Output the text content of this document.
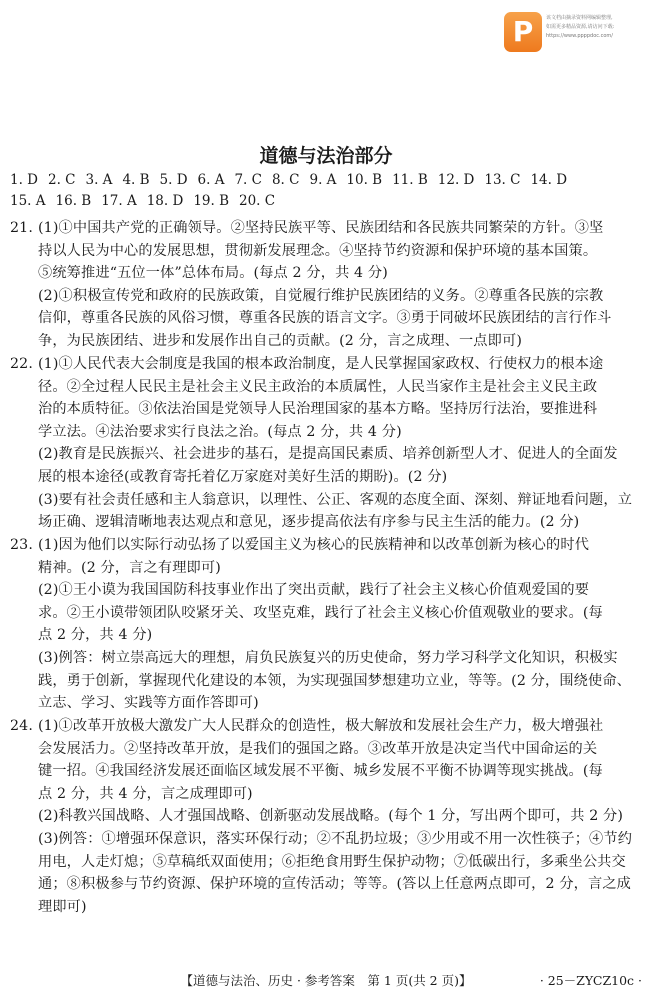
P	该文档由摘录资料网编辑整理,
如需更多精品资源,请访问下载:
https://www.ppppdoc.com/
道德与法治部分
1. D 2. C 3. A 4. B 5. D 6. A 7. C 8. C 9. A 10. B 11. B 12. D 13. C 14. D
15. A 16. B 17. A 18. D 19. B 20. C
21. (1)①中国共产党的正确领导。②坚持民族平等、民族团结和各民族共同繁荣的方针。③坚
持以人民为中心的发展思想，贯彻新发展理念。④坚持节约资源和保护环境的基本国策。
⑤统筹推进“五位一体”总体布局。(每点 2 分，共 4 分)
(2)①积极宣传党和政府的民族政策，自觉履行维护民族团结的义务。②尊重各民族的宗教
信仰，尊重各民族的风俗习惯，尊重各民族的语言文字。③勇于同破坏民族团结的言行作斗
争，为民族团结、进步和发展作出自己的贡献。(2 分，言之成理、一点即可)
22. (1)①人民代表大会制度是我国的根本政治制度，是人民掌握国家政权、行使权力的根本途
径。②全过程人民民主是社会主义民主政治的本质属性，人民当家作主是社会主义民主政
治的本质特征。③依法治国是党领导人民治理国家的基本方略。坚持厉行法治，要推进科
学立法。④法治要求实行良法之治。(每点 2 分，共 4 分)
(2)教育是民族振兴、社会进步的基石，是提高国民素质、培养创新型人才、促进人的全面发
展的根本途径(或教育寄托着亿万家庭对美好生活的期盼)。(2 分)
(3)要有社会责任感和主人翁意识，以理性、公正、客观的态度全面、深刻、辩证地看问题，立
场正确、逻辑清晰地表达观点和意见，逐步提高依法有序参与民主生活的能力。(2 分)
23. (1)因为他们以实际行动弘扬了以爱国主义为核心的民族精神和以改革创新为核心的时代
精神。(2 分，言之有理即可)
(2)①王小谟为我国国防科技事业作出了突出贡献，践行了社会主义核心价值观爱国的要
求。②王小谟带领团队咬紧牙关、攻坚克难，践行了社会主义核心价值观敬业的要求。(每
点 2 分，共 4 分)
(3)例答：树立崇高远大的理想，肩负民族复兴的历史使命，努力学习科学文化知识，积极实
践，勇于创新，掌握现代化建设的本领，为实现强国梦想建功立业，等等。(2 分，围绕使命、
立志、学习、实践等方面作答即可)
24. (1)①改革开放极大激发广大人民群众的创造性，极大解放和发展社会生产力，极大增强社
会发展活力。②坚持改革开放，是我们的强国之路。③改革开放是决定当代中国命运的关
键一招。④我国经济发展还面临区域发展不平衡、城乡发展不平衡不协调等现实挑战。(每
点 2 分，共 4 分，言之成理即可)
(2)科教兴国战略、人才强国战略、创新驱动发展战略。(每个 1 分，写出两个即可，共 2 分)
(3)例答：①增强环保意识，落实环保行动；②不乱扔垃圾；③少用或不用一次性筷子；④节约
用电，人走灯熄；⑤草稿纸双面使用；⑥拒绝食用野生保护动物；⑦低碳出行，多乘坐公共交
通；⑧积极参与节约资源、保护环境的宣传活动；等等。(答以上任意两点即可，2 分，言之成
理即可)
【道德与法治、历史 · 参考答案　第 1 页(共 2 页)】	· 25－ZYCZ10c ·
